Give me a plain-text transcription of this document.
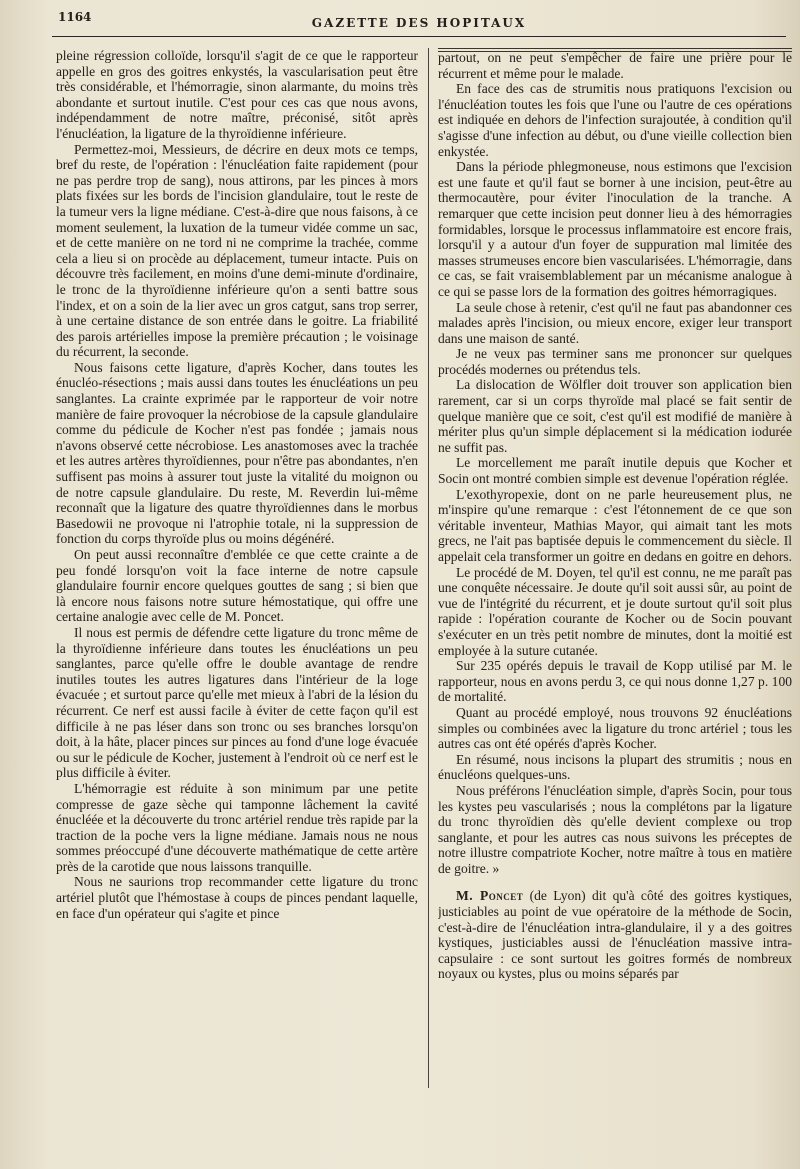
1164	GAZETTE DES HOPITAUX

pleine régression colloïde, lorsqu'il s'agit de ce que le rapporteur appelle en gros des goitres enkystés, la vascularisation peut être très considérable, et l'hémorragie, sinon alarmante, du moins très abondante et surtout inutile. C'est pour ces cas que nous avons, indépendamment de notre maître, préconisé, sitôt après l'énucléation, la ligature de la thyroïdienne inférieure.

Permettez-moi, Messieurs, de décrire en deux mots ce temps, bref du reste, de l'opération : l'énucléation faite rapidement (pour ne pas perdre trop de sang), nous attirons, par les pinces à mors plats fixées sur les bords de l'incision glandulaire, tout le reste de la tumeur vers la ligne médiane. C'est-à-dire que nous faisons, à ce moment seulement, la luxation de la tumeur vidée comme un sac, et de cette manière on ne tord ni ne comprime la trachée, comme cela a lieu si on procède au déplacement, tumeur intacte. Puis on découvre très facilement, en moins d'une demi-minute d'ordinaire, le tronc de la thyroïdienne inférieure qu'on a senti battre sous l'index, et on a soin de la lier avec un gros catgut, sans trop serrer, à une certaine distance de son entrée dans le goitre. La friabilité des parois artérielles impose la première précaution ; le voisinage du récurrent, la seconde.

Nous faisons cette ligature, d'après Kocher, dans toutes les énucléo-résections ; mais aussi dans toutes les énucléations un peu sanglantes. La crainte exprimée par le rapporteur de voir notre manière de faire provoquer la nécrobiose de la capsule glandulaire comme du pédicule de Kocher n'est pas fondée ; jamais nous n'avons observé cette nécrobiose. Les anastomoses avec la trachée et les autres artères thyroïdiennes, pour n'être pas abondantes, n'en suffisent pas moins à assurer tout juste la vitalité du moignon ou de notre capsule glandulaire. Du reste, M. Reverdin lui-même reconnaît que la ligature des quatre thyroïdiennes dans le morbus Basedowii ne provoque ni l'atrophie totale, ni la suppression de fonction du corps thyroïde plus ou moins dégénéré.

On peut aussi reconnaître d'emblée ce que cette crainte a de peu fondé lorsqu'on voit la face interne de notre capsule glandulaire fournir encore quelques gouttes de sang ; si bien que là encore nous faisons notre suture hémostatique, qui offre une certaine analogie avec celle de M. Poncet.

Il nous est permis de défendre cette ligature du tronc même de la thyroïdienne inférieure dans toutes les énucléations un peu sanglantes, parce qu'elle offre le double avantage de rendre inutiles toutes les autres ligatures dans l'intérieur de la loge évacuée ; et surtout parce qu'elle met mieux à l'abri de la lésion du récurrent. Ce nerf est aussi facile à éviter de cette façon qu'il est difficile à ne pas léser dans son tronc ou ses branches lorsqu'on doit, à la hâte, placer pinces sur pinces au fond d'une loge évacuée ou sur le pédicule de Kocher, justement à l'endroit où ce nerf est le plus difficile à éviter.

L'hémorragie est réduite à son minimum par une petite compresse de gaze sèche qui tamponne lâchement la cavité énucléée et la découverte du tronc artériel rendue très rapide par la traction de la poche vers la ligne médiane. Jamais nous ne nous sommes préoccupé d'une découverte mathématique de cette artère près de la carotide que nous laissons tranquille.

Nous ne saurions trop recommander cette ligature du tronc artériel plutôt que l'hémostase à coups de pinces pendant laquelle, en face d'un opérateur qui s'agite et pince

partout, on ne peut s'empêcher de faire une prière pour le récurrent et même pour le malade.

En face des cas de strumitis nous pratiquons l'excision ou l'énucléation toutes les fois que l'une ou l'autre de ces opérations est indiquée en dehors de l'infection surajoutée, à condition qu'il s'agisse d'une infection au début, ou d'une vieille collection bien enkystée.

Dans la période phlegmoneuse, nous estimons que l'excision est une faute et qu'il faut se borner à une incision, peut-être au thermocautère, pour éviter l'inoculation de la tranche. A remarquer que cette incision peut donner lieu à des hémorragies formidables, lorsque le processus inflammatoire est encore frais, lorsqu'il y a autour d'un foyer de suppuration mal limitée des masses strumeuses encore bien vascularisées. L'hémorragie, dans ce cas, se fait vraisemblablement par un mécanisme analogue à ce qui se passe lors de la formation des goitres hémorragiques.

La seule chose à retenir, c'est qu'il ne faut pas abandonner ces malades après l'incision, ou mieux encore, exiger leur transport dans une maison de santé.

Je ne veux pas terminer sans me prononcer sur quelques procédés modernes ou prétendus tels.

La dislocation de Wölfler doit trouver son application bien rarement, car si un corps thyroïde mal placé se fait sentir de quelque manière que ce soit, c'est qu'il est modifié de manière à mériter plus qu'un simple déplacement si la médication iodurée ne suffit pas.

Le morcellement me paraît inutile depuis que Kocher et Socin ont montré combien simple est devenue l'opération réglée.

L'exothyropexie, dont on ne parle heureusement plus, ne m'inspire qu'une remarque : c'est l'étonnement de ce que son véritable inventeur, Mathias Mayor, qui aimait tant les mots grecs, ne l'ait pas baptisée depuis le commencement du siècle. Il appelait cela transformer un goitre en dedans en goitre en dehors.

Le procédé de M. Doyen, tel qu'il est connu, ne me paraît pas une conquête nécessaire. Je doute qu'il soit aussi sûr, au point de vue de l'intégrité du récurrent, et je doute surtout qu'il soit plus rapide : l'opération courante de Kocher ou de Socin pouvant s'exécuter en un très petit nombre de minutes, dont la moitié est employée à la suture cutanée.

Sur 235 opérés depuis le travail de Kopp utilisé par M. le rapporteur, nous en avons perdu 3, ce qui nous donne 1,27 p. 100 de mortalité.

Quant au procédé employé, nous trouvons 92 énucléations simples ou combinées avec la ligature du tronc artériel ; tous les autres cas ont été opérés d'après Kocher.

En résumé, nous incisons la plupart des strumitis ; nous en énucléons quelques-uns.

Nous préférons l'énucléation simple, d'après Socin, pour tous les kystes peu vascularisés ; nous la complétons par la ligature du tronc thyroïdien dès qu'elle devient complexe ou trop sanglante, et pour les autres cas nous suivons les préceptes de notre illustre compatriote Kocher, notre maître à tous en matière de goitre. »

M. Poncet (de Lyon) dit qu'à côté des goitres kystiques, justiciables au point de vue opératoire de la méthode de Socin, c'est-à-dire de l'énucléation intra-glandulaire, il y a des goitres kystiques, justiciables aussi de l'énucléation massive intra-capsulaire : ce sont surtout les goitres formés de nombreux noyaux ou kystes, plus ou moins séparés par
